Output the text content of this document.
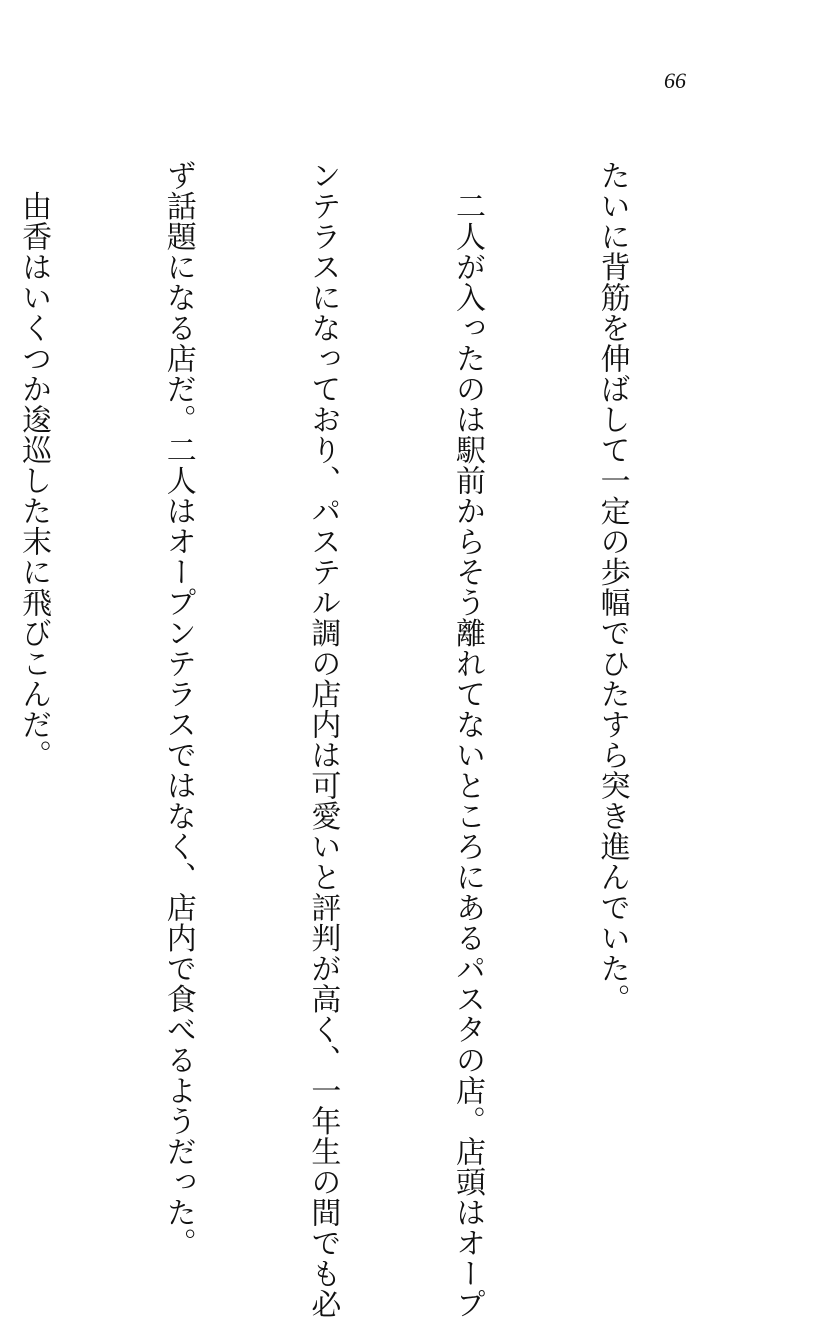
66

たいに背筋を伸ばして一定の歩幅でひたすら突き進んでいた。

　二人が入ったのは駅前からそう離れてないところにあるパスタの店。店頭はオープ

ンテラスになっており、パステル調の店内は可愛いと評判が高く、一年生の間でも必

ず話題になる店だ。二人はオープンテラスではなく、店内で食べるようだった。

　由香はいくつか逡巡した末に飛びこんだ。
